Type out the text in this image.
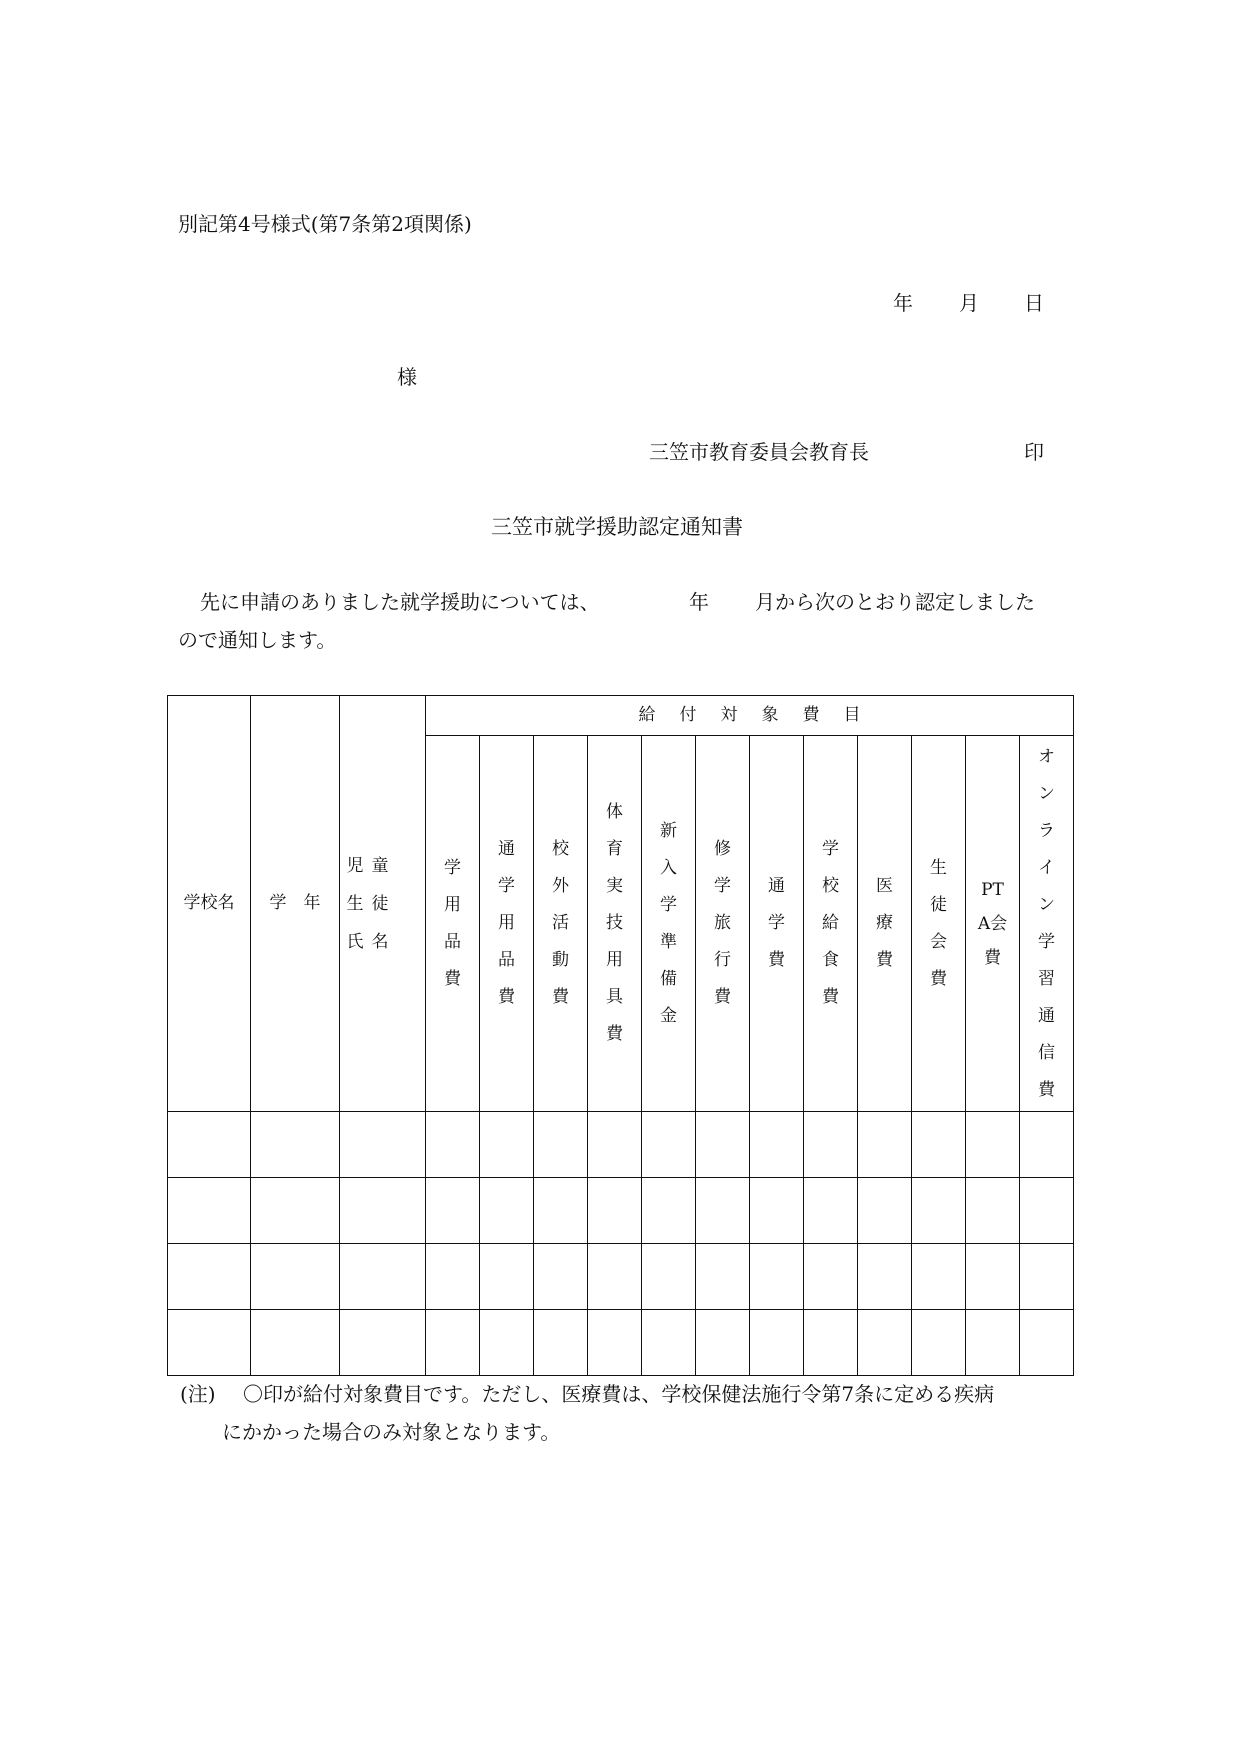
別記第4号様式(第7条第2項関係)
年 月 日
様
三笠市教育委員会教育長	印
三笠市就学援助認定通知書
先に申請のありました就学援助については、	年 月から次のとおり認定しました
ので通知します。
学校名	学　年	児童生徒氏名	給付対象費目											
			学用品費	通学用品費	校外活動費	体育実技用具費	新入学準備金	修学旅行費	通学費	学校給食費	医療費	生徒会費	PTA会費	オンライン学習通信費

(注) 〇印が給付対象費目です。ただし、医療費は、学校保健法施行令第7条に定める疾病
にかかった場合のみ対象となります。
